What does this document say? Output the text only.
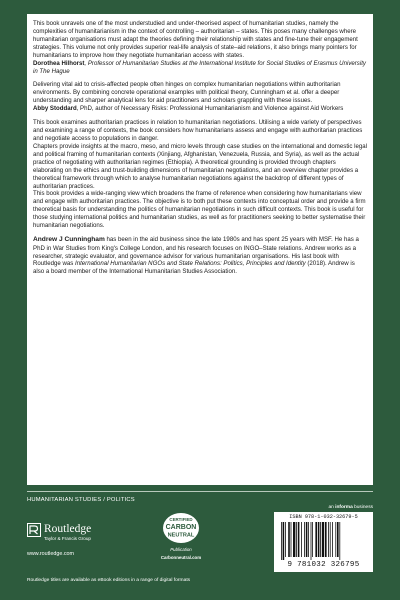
This book unravels one of the most understudied and under-theorised aspect of humanitarian studies, namely the complexities of humanitarianism in the context of controlling – authoritarian – states. This poses many challenges where humanitarian organisations must adapt the theories defining their relationship with states and fine-tune their engagement strategies. This volume not only provides superior real-life analysis of state–aid relations, it also brings many pointers for humanitarians to improve how they negotiate humanitarian access with states.

Dorothea Hilhorst, Professor of Humanitarian Studies at the International Institute for Social Studies of Erasmus University in The Hague

Delivering vital aid to crisis-affected people often hinges on complex humanitarian negotiations within authoritarian environments. By combining concrete operational examples with political theory, Cunningham et al. offer a deeper understanding and sharper analytical lens for aid practitioners and scholars grappling with these issues.

Abby Stoddard, PhD, author of Necessary Risks: Professional Humanitarianism and Violence against Aid Workers

This book examines authoritarian practices in relation to humanitarian negotiations. Utilising a wide variety of perspectives and examining a range of contexts, the book considers how humanitarians assess and engage with authoritarian practices and negotiate access to populations in danger.

Chapters provide insights at the macro, meso, and micro levels through case studies on the international and domestic legal and political framing of humanitarian contexts (Xinjiang, Afghanistan, Venezuela, Russia, and Syria), as well as the actual practice of negotiating with authoritarian regimes (Ethiopia). A theoretical grounding is provided through chapters elaborating on the ethics and trust-building dimensions of humanitarian negotiations, and an overview chapter provides a theoretical framework through which to analyse humanitarian negotiations against the backdrop of different types of authoritarian practices.

This book provides a wide-ranging view which broadens the frame of reference when considering how humanitarians view and engage with authoritarian practices. The objective is to both put these contexts into conceptual order and provide a firm theoretical basis for understanding the politics of humanitarian negotiations in such difficult contexts. This book is useful for those studying international politics and humanitarian studies, as well as for practitioners seeking to better systematise their humanitarian negotiations.

Andrew J Cunningham has been in the aid business since the late 1980s and has spent 25 years with MSF. He has a PhD in War Studies from King's College London, and his research focuses on INGO–State relations. Andrew works as a researcher, strategic evaluator, and governance advisor for various humanitarian organisations. His last book with Routledge was International Humanitarian NGOs and State Relations: Politics, Principles and Identity (2018). Andrew is also a board member of the International Humanitarian Studies Association.

HUMANITARIAN STUDIES / POLITICS
Routledge
Taylor & Francis Group
www.routledge.com
CERTIFIED
CARBON
NEUTRAL
Publication
Carbonneutral.com
an informa business
ISBN 978-1-032-32679-5
9 781032 326795
Routledge titles are available as eBook editions in a range of digital formats
